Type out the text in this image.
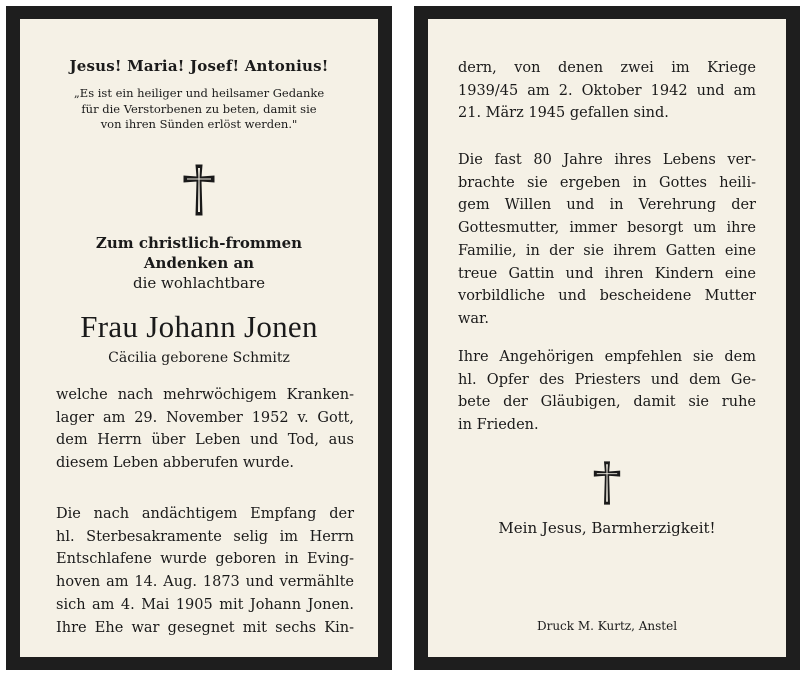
Jesus! Maria! Josef! Antonius!
„Es ist ein heiliger und heilsamer Gedanke
für die Verstorbenen zu beten, damit sie
von ihren Sünden erlöst werden."
Zum christlich-frommen
Andenken an
die wohlachtbare
Frau Johann Jonen
Cäcilia geborene Schmitz
welche nach mehrwöchigem Kranken-
lager am 29. November 1952 v. Gott,
dem Herrn über Leben und Tod, aus
diesem Leben abberufen wurde.
Die nach andächtigem Empfang der
hl. Sterbesakramente selig im Herrn
Entschlafene wurde geboren in Eving-
hoven am 14. Aug. 1873 und vermählte
sich am 4. Mai 1905 mit Johann Jonen.
Ihre Ehe war gesegnet mit sechs Kin-
dern, von denen zwei im Kriege
1939/45 am 2. Oktober 1942 und am
21. März 1945 gefallen sind.
Die fast 80 Jahre ihres Lebens ver-
brachte sie ergeben in Gottes heili-
gem Willen und in Verehrung der
Gottesmutter, immer besorgt um ihre
Familie, in der sie ihrem Gatten eine
treue Gattin und ihren Kindern eine
vorbildliche und bescheidene Mutter
war.
Ihre Angehörigen empfehlen sie dem
hl. Opfer des Priesters und dem Ge-
bete der Gläubigen, damit sie ruhe
in Frieden.
Mein Jesus, Barmherzigkeit!
Druck M. Kurtz, Anstel
